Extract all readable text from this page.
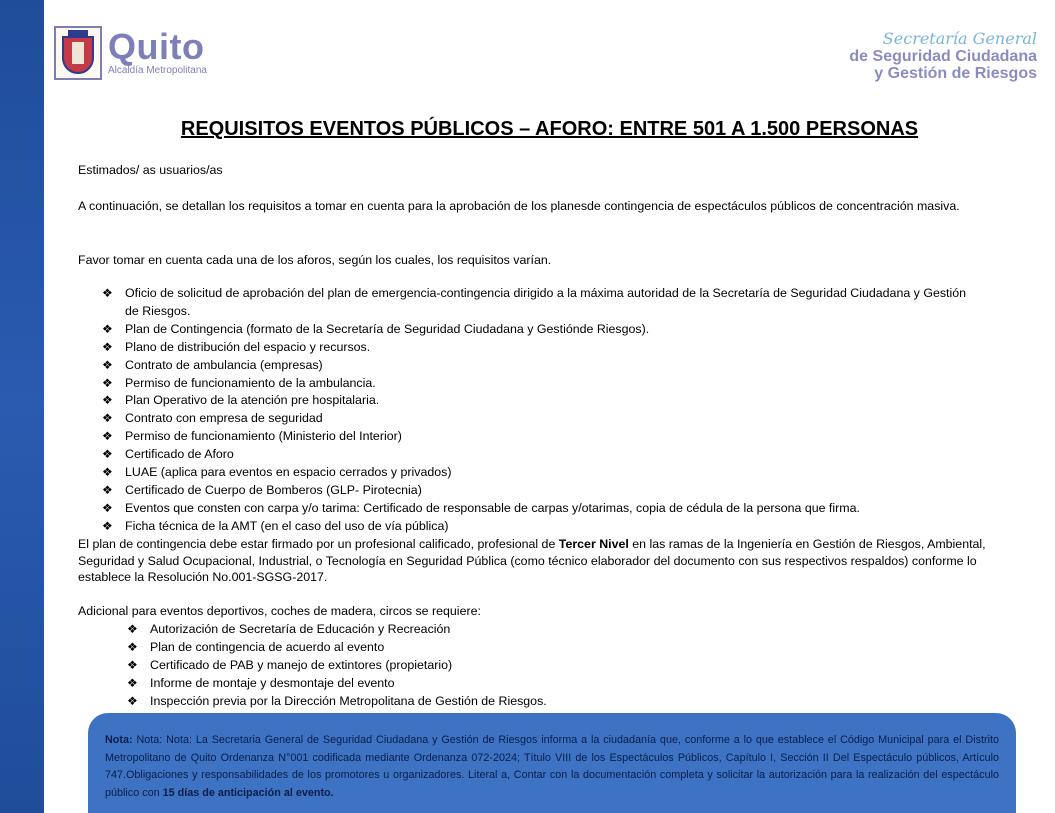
Quito
Alcaldía Metropolitana
Secretaría General
de Seguridad Ciudadana
y Gestión de Riesgos
REQUISITOS EVENTOS PÚBLICOS – AFORO: ENTRE 501 A 1.500 PERSONAS
Estimados/ as usuarios/as
A continuación, se detallan los requisitos a tomar en cuenta para la aprobación de los planesde contingencia de espectáculos públicos de concentración masiva.
Favor tomar en cuenta cada una de los aforos, según los cuales, los requisitos varían.
❖ Oficio de solicitud de aprobación del plan de emergencia-contingencia dirigido a la máxima autoridad de la Secretaría de Seguridad Ciudadana y Gestión de Riesgos.
❖ Plan de Contingencia (formato de la Secretaría de Seguridad Ciudadana y Gestiónde Riesgos).
❖ Plano de distribución del espacio y recursos.
❖ Contrato de ambulancia (empresas)
❖ Permiso de funcionamiento de la ambulancia.
❖ Plan Operativo de la atención pre hospitalaria.
❖ Contrato con empresa de seguridad
❖ Permiso de funcionamiento (Ministerio del Interior)
❖ Certificado de Aforo
❖ LUAE (aplica para eventos en espacio cerrados y privados)
❖ Certificado de Cuerpo de Bomberos (GLP- Pirotecnia)
❖ Eventos que consten con carpa y/o tarima: Certificado de responsable de carpas y/otarimas, copia de cédula de la persona que firma.
❖ Ficha técnica de la AMT (en el caso del uso de vía pública)
El plan de contingencia debe estar firmado por un profesional calificado, profesional de Tercer Nivel en las ramas de la Ingeniería en Gestión de Riesgos, Ambiental, Seguridad y Salud Ocupacional, Industrial, o Tecnología en Seguridad Pública (como técnico elaborador del documento con sus respectivos respaldos) conforme lo establece la Resolución No.001-SGSG-2017.
Adicional para eventos deportivos, coches de madera, circos se requiere:
❖ Autorización de Secretaría de Educación y Recreación
❖ Plan de contingencia de acuerdo al evento
❖ Certificado de PAB y manejo de extintores (propietario)
❖ Informe de montaje y desmontaje del evento
❖ Inspección previa por la Dirección Metropolitana de Gestión de Riesgos.
Nota: Nota: Nota: La Secretaria General de Seguridad Ciudadana y Gestión de Riesgos informa a la ciudadanía que, conforme a lo que establece el Código Municipal para el Distrito Metropolitano de Quito Ordenanza N°001 codificada mediante Ordenanza 072-2024; Título VIII de los Espectáculos Públicos, Capítulo I, Sección II Del Espectáculo públicos, Artículo 747.Obligaciones y responsabilidades de los promotores u organizadores. Literal a, Contar con la documentación completa y solicitar la autorización para la realización del espectáculo público con 15 días de anticipación al evento.
